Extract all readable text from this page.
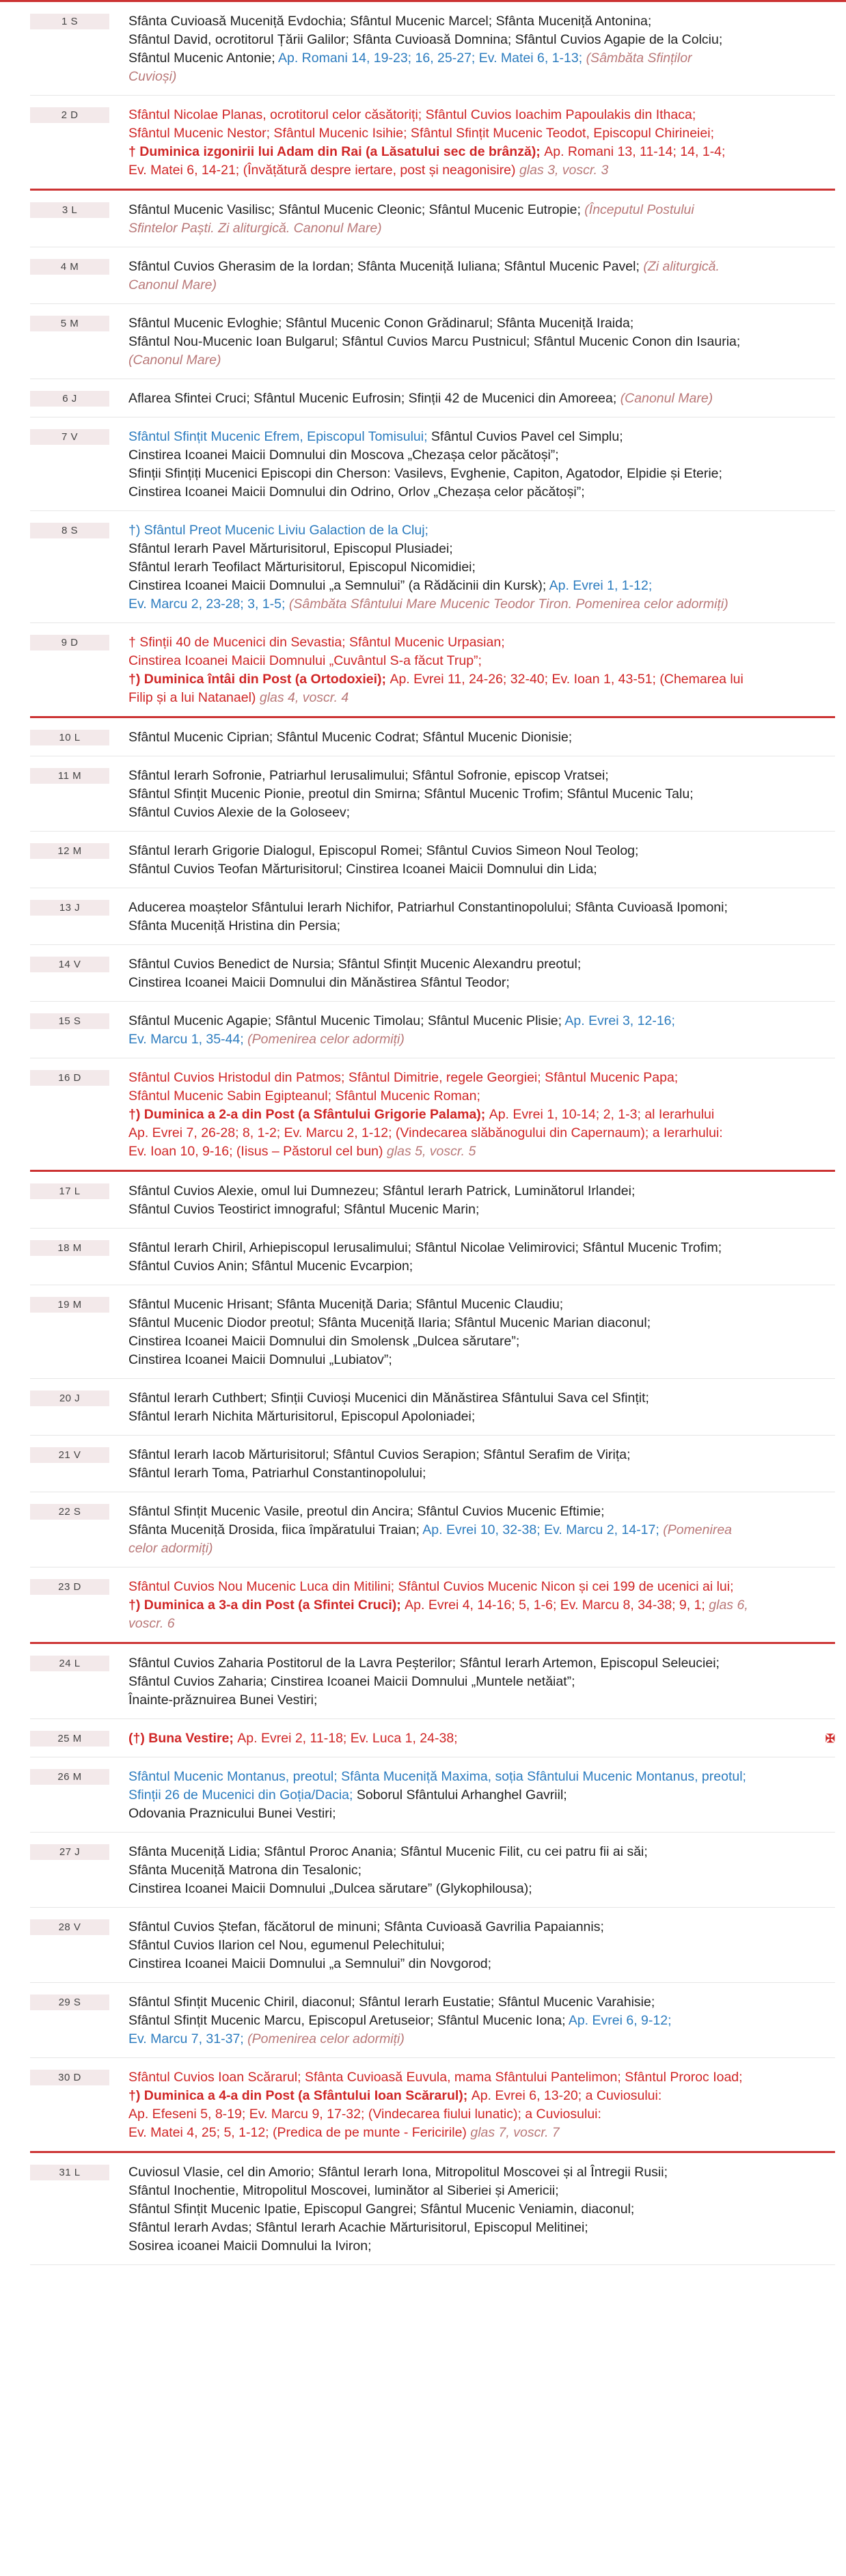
1 S	Sfânta Cuvioasă Muceniță Evdochia; Sfântul Mucenic Marcel; Sfânta Muceniță Antonina;
Sfântul David, ocrotitorul Țării Galilor; Sfânta Cuvioasă Domnina; Sfântul Cuvios Agapie de la Colciu;
Sfântul Mucenic Antonie; Ap. Romani 14, 19-23; 16, 25-27; Ev. Matei 6, 1-13; (Sâmbăta Sfinților
Cuvioși)
2 D	Sfântul Nicolae Planas, ocrotitorul celor căsătoriți; Sfântul Cuvios Ioachim Papoulakis din Ithaca;
Sfântul Mucenic Nestor; Sfântul Mucenic Isihie; Sfântul Sfințit Mucenic Teodot, Episcopul Chirineiei;
† Duminica izgonirii lui Adam din Rai (a Lăsatului sec de brânză); Ap. Romani 13, 11-14; 14, 1-4;
Ev. Matei 6, 14-21; (Învățătură despre iertare, post și neagonisire) glas 3, voscr. 3
3 L	Sfântul Mucenic Vasilisc; Sfântul Mucenic Cleonic; Sfântul Mucenic Eutropie; (Începutul Postului
Sfintelor Paști. Zi aliturgică. Canonul Mare)
4 M	Sfântul Cuvios Gherasim de la Iordan; Sfânta Muceniță Iuliana; Sfântul Mucenic Pavel; (Zi aliturgică.
Canonul Mare)
5 M	Sfântul Mucenic Evloghie; Sfântul Mucenic Conon Grădinarul; Sfânta Muceniță Iraida;
Sfântul Nou-Mucenic Ioan Bulgarul; Sfântul Cuvios Marcu Pustnicul; Sfântul Mucenic Conon din Isauria;
(Canonul Mare)
6 J	Aflarea Sfintei Cruci; Sfântul Mucenic Eufrosin; Sfinții 42 de Mucenici din Amoreea; (Canonul Mare)
7 V	Sfântul Sfințit Mucenic Efrem, Episcopul Tomisului; Sfântul Cuvios Pavel cel Simplu;
Cinstirea Icoanei Maicii Domnului din Moscova „Chezașa celor păcătoși”;
Sfinții Sfințiți Mucenici Episcopi din Cherson: Vasilevs, Evghenie, Capiton, Agatodor, Elpidie și Eterie;
Cinstirea Icoanei Maicii Domnului din Odrino, Orlov „Chezașa celor păcătoși”;
8 S	†) Sfântul Preot Mucenic Liviu Galaction de la Cluj;
Sfântul Ierarh Pavel Mărturisitorul, Episcopul Plusiadei;
Sfântul Ierarh Teofilact Mărturisitorul, Episcopul Nicomidiei;
Cinstirea Icoanei Maicii Domnului „a Semnului” (a Rădăcinii din Kursk); Ap. Evrei 1, 1-12;
Ev. Marcu 2, 23-28; 3, 1-5; (Sâmbăta Sfântului Mare Mucenic Teodor Tiron. Pomenirea celor adormiți)
9 D	† Sfinții 40 de Mucenici din Sevastia; Sfântul Mucenic Urpasian;
Cinstirea Icoanei Maicii Domnului „Cuvântul S-a făcut Trup”;
†) Duminica întâi din Post (a Ortodoxiei); Ap. Evrei 11, 24-26; 32-40; Ev. Ioan 1, 43-51; (Chemarea lui
Filip și a lui Natanael) glas 4, voscr. 4
10 L	Sfântul Mucenic Ciprian; Sfântul Mucenic Codrat; Sfântul Mucenic Dionisie;
11 M	Sfântul Ierarh Sofronie, Patriarhul Ierusalimului; Sfântul Sofronie, episcop Vratsei;
Sfântul Sfințit Mucenic Pionie, preotul din Smirna; Sfântul Mucenic Trofim; Sfântul Mucenic Talu;
Sfântul Cuvios Alexie de la Goloseev;
12 M	Sfântul Ierarh Grigorie Dialogul, Episcopul Romei; Sfântul Cuvios Simeon Noul Teolog;
Sfântul Cuvios Teofan Mărturisitorul; Cinstirea Icoanei Maicii Domnului din Lida;
13 J	Aducerea moaștelor Sfântului Ierarh Nichifor, Patriarhul Constantinopolului; Sfânta Cuvioasă Ipomoni;
Sfânta Muceniță Hristina din Persia;
14 V	Sfântul Cuvios Benedict de Nursia; Sfântul Sfințit Mucenic Alexandru preotul;
Cinstirea Icoanei Maicii Domnului din Mănăstirea Sfântul Teodor;
15 S	Sfântul Mucenic Agapie; Sfântul Mucenic Timolau; Sfântul Mucenic Plisie; Ap. Evrei 3, 12-16;
Ev. Marcu 1, 35-44; (Pomenirea celor adormiți)
16 D	Sfântul Cuvios Hristodul din Patmos; Sfântul Dimitrie, regele Georgiei; Sfântul Mucenic Papa;
Sfântul Mucenic Sabin Egipteanul; Sfântul Mucenic Roman;
†) Duminica a 2-a din Post (a Sfântului Grigorie Palama); Ap. Evrei 1, 10-14; 2, 1-3; al Ierarhului
Ap. Evrei 7, 26-28; 8, 1-2; Ev. Marcu 2, 1-12; (Vindecarea slăbănogului din Capernaum); a Ierarhului:
Ev. Ioan 10, 9-16; (Iisus – Păstorul cel bun) glas 5, voscr. 5
17 L	Sfântul Cuvios Alexie, omul lui Dumnezeu; Sfântul Ierarh Patrick, Luminătorul Irlandei;
Sfântul Cuvios Teostirict imnograful; Sfântul Mucenic Marin;
18 M	Sfântul Ierarh Chiril, Arhiepiscopul Ierusalimului; Sfântul Nicolae Velimirovici; Sfântul Mucenic Trofim;
Sfântul Cuvios Anin; Sfântul Mucenic Evcarpion;
19 M	Sfântul Mucenic Hrisant; Sfânta Muceniță Daria; Sfântul Mucenic Claudiu;
Sfântul Mucenic Diodor preotul; Sfânta Muceniță Ilaria; Sfântul Mucenic Marian diaconul;
Cinstirea Icoanei Maicii Domnului din Smolensk „Dulcea sărutare”;
Cinstirea Icoanei Maicii Domnului „Lubiatov”;
20 J	Sfântul Ierarh Cuthbert; Sfinții Cuvioși Mucenici din Mănăstirea Sfântului Sava cel Sfințit;
Sfântul Ierarh Nichita Mărturisitorul, Episcopul Apoloniadei;
21 V	Sfântul Ierarh Iacob Mărturisitorul; Sfântul Cuvios Serapion; Sfântul Serafim de Virița;
Sfântul Ierarh Toma, Patriarhul Constantinopolului;
22 S	Sfântul Sfințit Mucenic Vasile, preotul din Ancira; Sfântul Cuvios Mucenic Eftimie;
Sfânta Muceniță Drosida, fiica împăratului Traian; Ap. Evrei 10, 32-38; Ev. Marcu 2, 14-17; (Pomenirea
celor adormiți)
23 D	Sfântul Cuvios Nou Mucenic Luca din Mitilini; Sfântul Cuvios Mucenic Nicon și cei 199 de ucenici ai lui;
†) Duminica a 3-a din Post (a Sfintei Cruci); Ap. Evrei 4, 14-16; 5, 1-6; Ev. Marcu 8, 34-38; 9, 1; glas 6,
voscr. 6
24 L	Sfântul Cuvios Zaharia Postitorul de la Lavra Peșterilor; Sfântul Ierarh Artemon, Episcopul Seleuciei;
Sfântul Cuvios Zaharia; Cinstirea Icoanei Maicii Domnului „Muntele netăiat”;
Înainte-prăznuirea Bunei Vestiri;
25 M	(†) Buna Vestire; Ap. Evrei 2, 11-18; Ev. Luca 1, 24-38;	✠
26 M	Sfântul Mucenic Montanus, preotul; Sfânta Muceniță Maxima, soția Sfântului Mucenic Montanus, preotul;
Sfinții 26 de Mucenici din Goția/Dacia; Soborul Sfântului Arhanghel Gavriil;
Odovania Praznicului Bunei Vestiri;
27 J	Sfânta Muceniță Lidia; Sfântul Proroc Anania; Sfântul Mucenic Filit, cu cei patru fii ai săi;
Sfânta Muceniță Matrona din Tesalonic;
Cinstirea Icoanei Maicii Domnului „Dulcea sărutare” (Glykophilousa);
28 V	Sfântul Cuvios Ștefan, făcătorul de minuni; Sfânta Cuvioasă Gavrilia Papaiannis;
Sfântul Cuvios Ilarion cel Nou, egumenul Pelechitului;
Cinstirea Icoanei Maicii Domnului „a Semnului” din Novgorod;
29 S	Sfântul Sfințit Mucenic Chiril, diaconul; Sfântul Ierarh Eustatie; Sfântul Mucenic Varahisie;
Sfântul Sfințit Mucenic Marcu, Episcopul Aretuseior; Sfântul Mucenic Iona; Ap. Evrei 6, 9-12;
Ev. Marcu 7, 31-37; (Pomenirea celor adormiți)
30 D	Sfântul Cuvios Ioan Scărarul; Sfânta Cuvioasă Euvula, mama Sfântului Pantelimon; Sfântul Proroc Ioad;
†) Duminica a 4-a din Post (a Sfântului Ioan Scărarul); Ap. Evrei 6, 13-20; a Cuviosului:
Ap. Efeseni 5, 8-19; Ev. Marcu 9, 17-32; (Vindecarea fiului lunatic); a Cuviosului:
Ev. Matei 4, 25; 5, 1-12; (Predica de pe munte - Fericirile) glas 7, voscr. 7
31 L	Cuviosul Vlasie, cel din Amorio; Sfântul Ierarh Iona, Mitropolitul Moscovei și al Întregii Rusii;
Sfântul Inochentie, Mitropolitul Moscovei, luminător al Siberiei și Americii;
Sfântul Sfințit Mucenic Ipatie, Episcopul Gangrei; Sfântul Mucenic Veniamin, diaconul;
Sfântul Ierarh Avdas; Sfântul Ierarh Acachie Mărturisitorul, Episcopul Melitinei;
Sosirea icoanei Maicii Domnului la Iviron;
